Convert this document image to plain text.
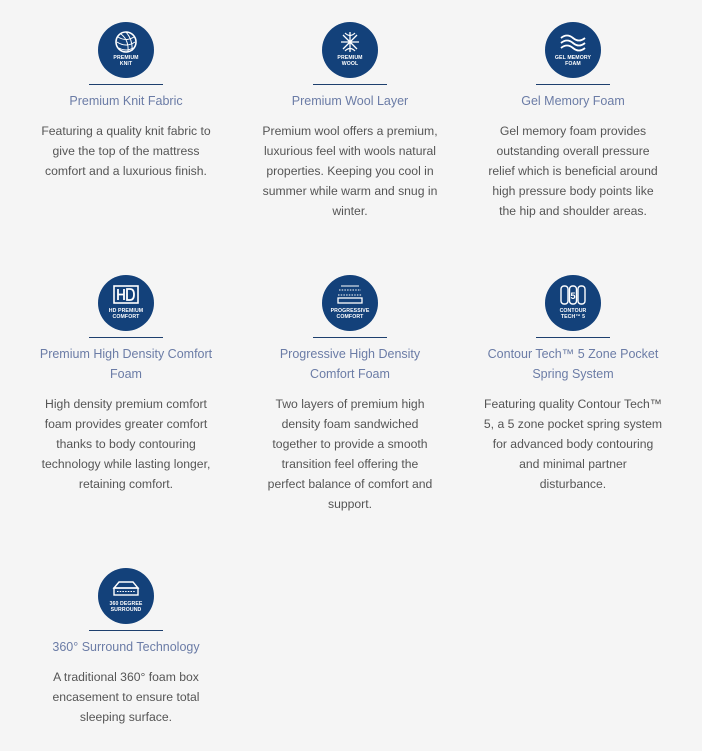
PREMIUM
KNIT
Premium Knit Fabric
Featuring a quality knit fabric to
give the top of the mattress
comfort and a luxurious finish.
PREMIUM
WOOL
Premium Wool Layer
Premium wool offers a premium,
luxurious feel with wools natural
properties. Keeping you cool in
summer while warm and snug in
winter.
GEL MEMORY
FOAM
Gel Memory Foam
Gel memory foam provides
outstanding overall pressure
relief which is beneficial around
high pressure body points like
the hip and shoulder areas.
HD PREMIUM
COMFORT
Premium High Density Comfort
Foam
High density premium comfort
foam provides greater comfort
thanks to body contouring
technology while lasting longer,
retaining comfort.
PROGRESSIVE
COMFORT
Progressive High Density
Comfort Foam
Two layers of premium high
density foam sandwiched
together to provide a smooth
transition feel offering the
perfect balance of comfort and
support.
5
CONTOUR
TECH™ 5
Contour Tech™ 5 Zone Pocket
Spring System
Featuring quality Contour Tech™
5, a 5 zone pocket spring system
for advanced body contouring
and minimal partner
disturbance.
360 DEGREE
SURROUND
360° Surround Technology
A traditional 360° foam box
encasement to ensure total
sleeping surface.
